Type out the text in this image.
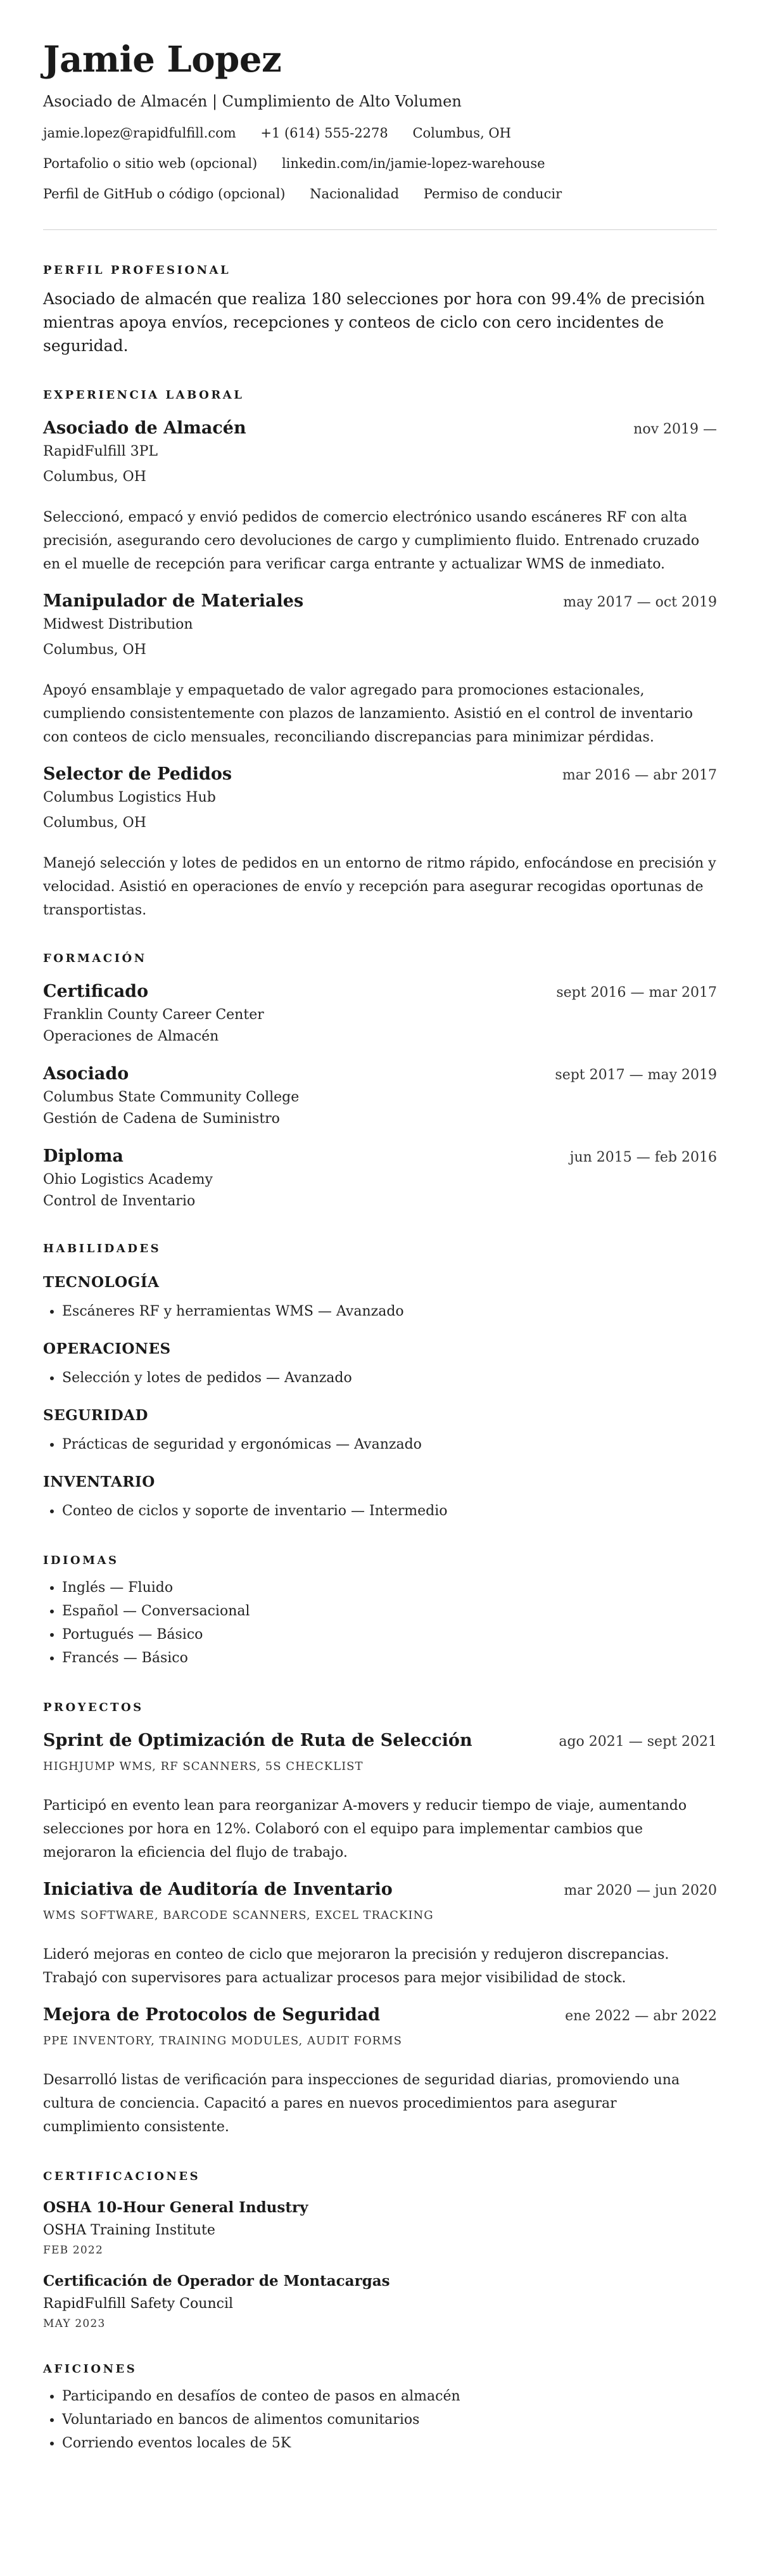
Jamie Lopez
Asociado de Almacén | Cumplimiento de Alto Volumen
jamie.lopez@rapidfulfill.com +1 (614) 555-2278 Columbus, OH
Portafolio o sitio web (opcional) linkedin.com/in/jamie-lopez-warehouse
Perfil de GitHub o código (opcional) Nacionalidad Permiso de conducir
PERFIL PROFESIONAL
Asociado de almacén que realiza 180 selecciones por hora con 99.4% de precisión mientras apoya envíos, recepciones y conteos de ciclo con cero incidentes de seguridad.
EXPERIENCIA LABORAL
Asociado de Almacén	nov 2019 —
RapidFulfill 3PL
Columbus, OH
Seleccionó, empacó y envió pedidos de comercio electrónico usando escáneres RF con alta precisión, asegurando cero devoluciones de cargo y cumplimiento fluido. Entrenado cruzado en el muelle de recepción para verificar carga entrante y actualizar WMS de inmediato.
Manipulador de Materiales	may 2017 — oct 2019
Midwest Distribution
Columbus, OH
Apoyó ensamblaje y empaquetado de valor agregado para promociones estacionales, cumpliendo consistentemente con plazos de lanzamiento. Asistió en el control de inventario con conteos de ciclo mensuales, reconciliando discrepancias para minimizar pérdidas.
Selector de Pedidos	mar 2016 — abr 2017
Columbus Logistics Hub
Columbus, OH
Manejó selección y lotes de pedidos en un entorno de ritmo rápido, enfocándose en precisión y velocidad. Asistió en operaciones de envío y recepción para asegurar recogidas oportunas de transportistas.
FORMACIÓN
Certificado	sept 2016 — mar 2017
Franklin County Career Center
Operaciones de Almacén
Asociado	sept 2017 — may 2019
Columbus State Community College
Gestión de Cadena de Suministro
Diploma	jun 2015 — feb 2016
Ohio Logistics Academy
Control de Inventario
HABILIDADES
TECNOLOGÍA
• Escáneres RF y herramientas WMS — Avanzado
OPERACIONES
• Selección y lotes de pedidos — Avanzado
SEGURIDAD
• Prácticas de seguridad y ergonómicas — Avanzado
INVENTARIO
• Conteo de ciclos y soporte de inventario — Intermedio
IDIOMAS
• Inglés — Fluido
• Español — Conversacional
• Portugués — Básico
• Francés — Básico
PROYECTOS
Sprint de Optimización de Ruta de Selección	ago 2021 — sept 2021
HIGHJUMP WMS, RF SCANNERS, 5S CHECKLIST
Participó en evento lean para reorganizar A-movers y reducir tiempo de viaje, aumentando selecciones por hora en 12%. Colaboró con el equipo para implementar cambios que mejoraron la eficiencia del flujo de trabajo.
Iniciativa de Auditoría de Inventario	mar 2020 — jun 2020
WMS SOFTWARE, BARCODE SCANNERS, EXCEL TRACKING
Lideró mejoras en conteo de ciclo que mejoraron la precisión y redujeron discrepancias. Trabajó con supervisores para actualizar procesos para mejor visibilidad de stock.
Mejora de Protocolos de Seguridad	ene 2022 — abr 2022
PPE INVENTORY, TRAINING MODULES, AUDIT FORMS
Desarrolló listas de verificación para inspecciones de seguridad diarias, promoviendo una cultura de conciencia. Capacitó a pares en nuevos procedimientos para asegurar cumplimiento consistente.
CERTIFICACIONES
OSHA 10-Hour General Industry
OSHA Training Institute
FEB 2022
Certificación de Operador de Montacargas
RapidFulfill Safety Council
MAY 2023
AFICIONES
• Participando en desafíos de conteo de pasos en almacén
• Voluntariado en bancos de alimentos comunitarios
• Corriendo eventos locales de 5K
